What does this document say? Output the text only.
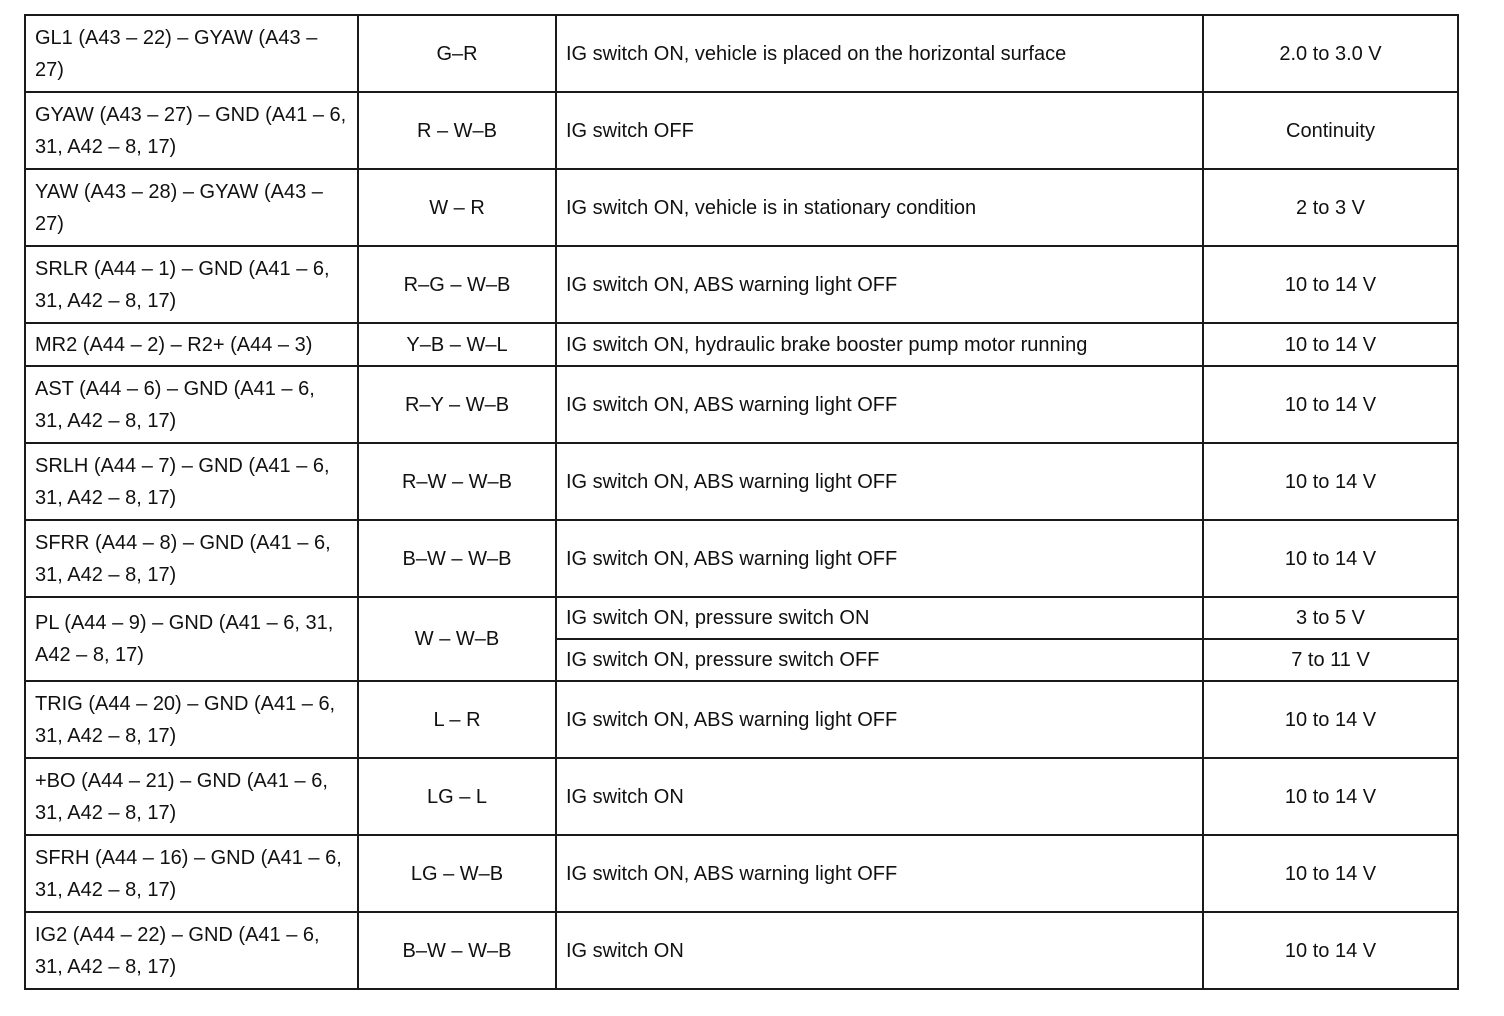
GL1 (A43 – 22) – GYAW (A43 – 27)	G–R	IG switch ON, vehicle is placed on the horizontal surface	2.0 to 3.0 V
GYAW (A43 – 27) – GND (A41 – 6, 31, A42 – 8, 17)	R – W–B	IG switch OFF	Continuity
YAW (A43 – 28) – GYAW (A43 – 27)	W – R	IG switch ON, vehicle is in stationary condition	2 to 3 V
SRLR (A44 – 1) – GND (A41 – 6, 31, A42 – 8, 17)	R–G – W–B	IG switch ON, ABS warning light OFF	10 to 14 V
MR2 (A44 – 2) – R2+ (A44 – 3)	Y–B – W–L	IG switch ON, hydraulic brake booster pump motor running	10 to 14 V
AST (A44 – 6) – GND (A41 – 6, 31, A42 – 8, 17)	R–Y – W–B	IG switch ON, ABS warning light OFF	10 to 14 V
SRLH (A44 – 7) – GND (A41 – 6, 31, A42 – 8, 17)	R–W – W–B	IG switch ON, ABS warning light OFF	10 to 14 V
SFRR (A44 – 8) – GND (A41 – 6, 31, A42 – 8, 17)	B–W – W–B	IG switch ON, ABS warning light OFF	10 to 14 V
PL (A44 – 9) – GND (A41 – 6, 31, A42 – 8, 17)	W – W–B	IG switch ON, pressure switch ON	3 to 5 V
		IG switch ON, pressure switch OFF	7 to 11 V
TRIG (A44 – 20) – GND (A41 – 6, 31, A42 – 8, 17)	L – R	IG switch ON, ABS warning light OFF	10 to 14 V
+BO (A44 – 21) – GND (A41 – 6, 31, A42 – 8, 17)	LG – L	IG switch ON	10 to 14 V
SFRH (A44 – 16) – GND (A41 – 6, 31, A42 – 8, 17)	LG – W–B	IG switch ON, ABS warning light OFF	10 to 14 V
IG2 (A44 – 22) – GND (A41 – 6, 31, A42 – 8, 17)	B–W – W–B	IG switch ON	10 to 14 V
